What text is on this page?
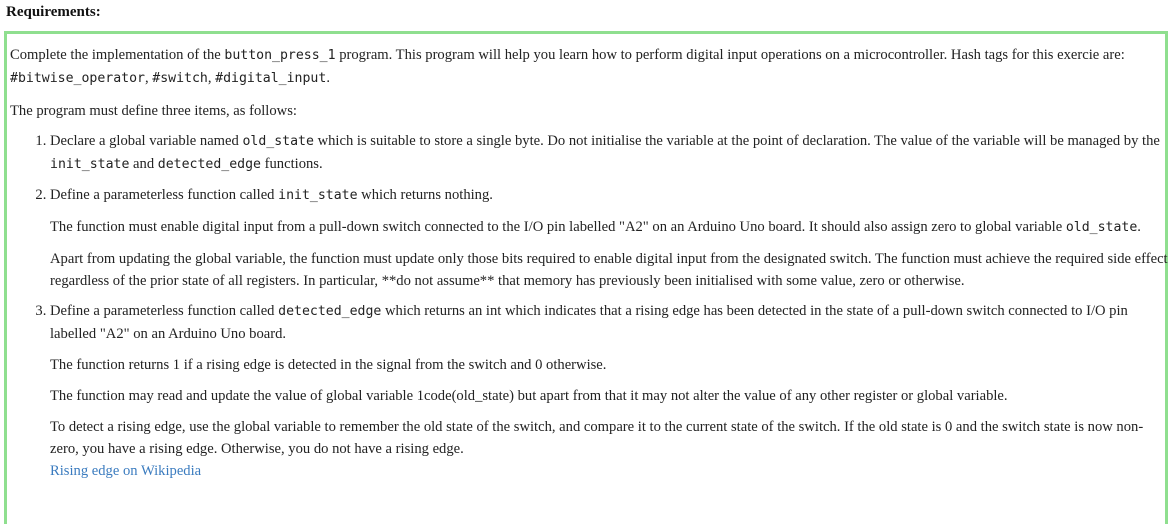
Requirements:

Complete the implementation of the button_press_1 program. This program will help you learn how to perform digital input operations on a microcontroller. Hash tags for this exercie are: #bitwise_operator, #switch, #digital_input.

The program must define three items, as follows:

1. Declare a global variable named old_state which is suitable to store a single byte. Do not initialise the variable at the point of declaration. The value of the variable will be managed by the init_state and detected_edge functions.

2. Define a parameterless function called init_state which returns nothing.

The function must enable digital input from a pull-down switch connected to the I/O pin labelled "A2" on an Arduino Uno board. It should also assign zero to global variable old_state.

Apart from updating the global variable, the function must update only those bits required to enable digital input from the designated switch. The function must achieve the required side effect regardless of the prior state of all registers. In particular, **do not assume** that memory has previously been initialised with some value, zero or otherwise.

3. Define a parameterless function called detected_edge which returns an int which indicates that a rising edge has been detected in the state of a pull-down switch connected to I/O pin labelled "A2" on an Arduino Uno board.

The function returns 1 if a rising edge is detected in the signal from the switch and 0 otherwise.

The function may read and update the value of global variable 1code(old_state) but apart from that it may not alter the value of any other register or global variable.

To detect a rising edge, use the global variable to remember the old state of the switch, and compare it to the current state of the switch. If the old state is 0 and the switch state is now non-zero, you have a rising edge. Otherwise, you do not have a rising edge.

Rising edge on Wikipedia
